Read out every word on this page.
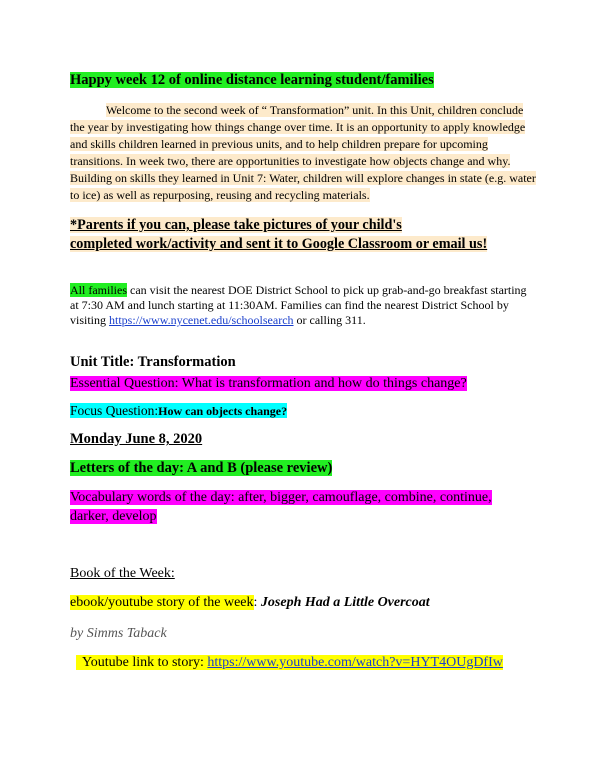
Happy week 12 of online distance learning student/families
Welcome to the second week of “ Transformation” unit. In this Unit, children conclude
the year by investigating how things change over time. It is an opportunity to apply knowledge
and skills children learned in previous units, and to help children prepare for upcoming
transitions. In week two, there are opportunities to investigate how objects change and why.
Building on skills they learned in Unit 7: Water, children will explore changes in state (e.g. water
to ice) as well as repurposing, reusing and recycling materials.
*Parents if you can, please take pictures of your child's
completed work/activity and sent it to Google Classroom or email us!
All families can visit the nearest DOE District School to pick up grab-and-go breakfast starting
at 7:30 AM and lunch starting at 11:30AM. Families can find the nearest District School by
visiting https://www.nycenet.edu/schoolsearch or calling 311.
Unit Title: Transformation
Essential Question: What is transformation and how do things change?
Focus Question:How can objects change?
Monday June 8, 2020
Letters of the day: A and B (please review)
Vocabulary words of the day: after, bigger, camouflage, combine, continue,
darker, develop
Book of the Week:
ebook/youtube story of the week: Joseph Had a Little Overcoat
by Simms Taback
Youtube link to story: https://www.youtube.com/watch?v=HYT4OUgDfIw
